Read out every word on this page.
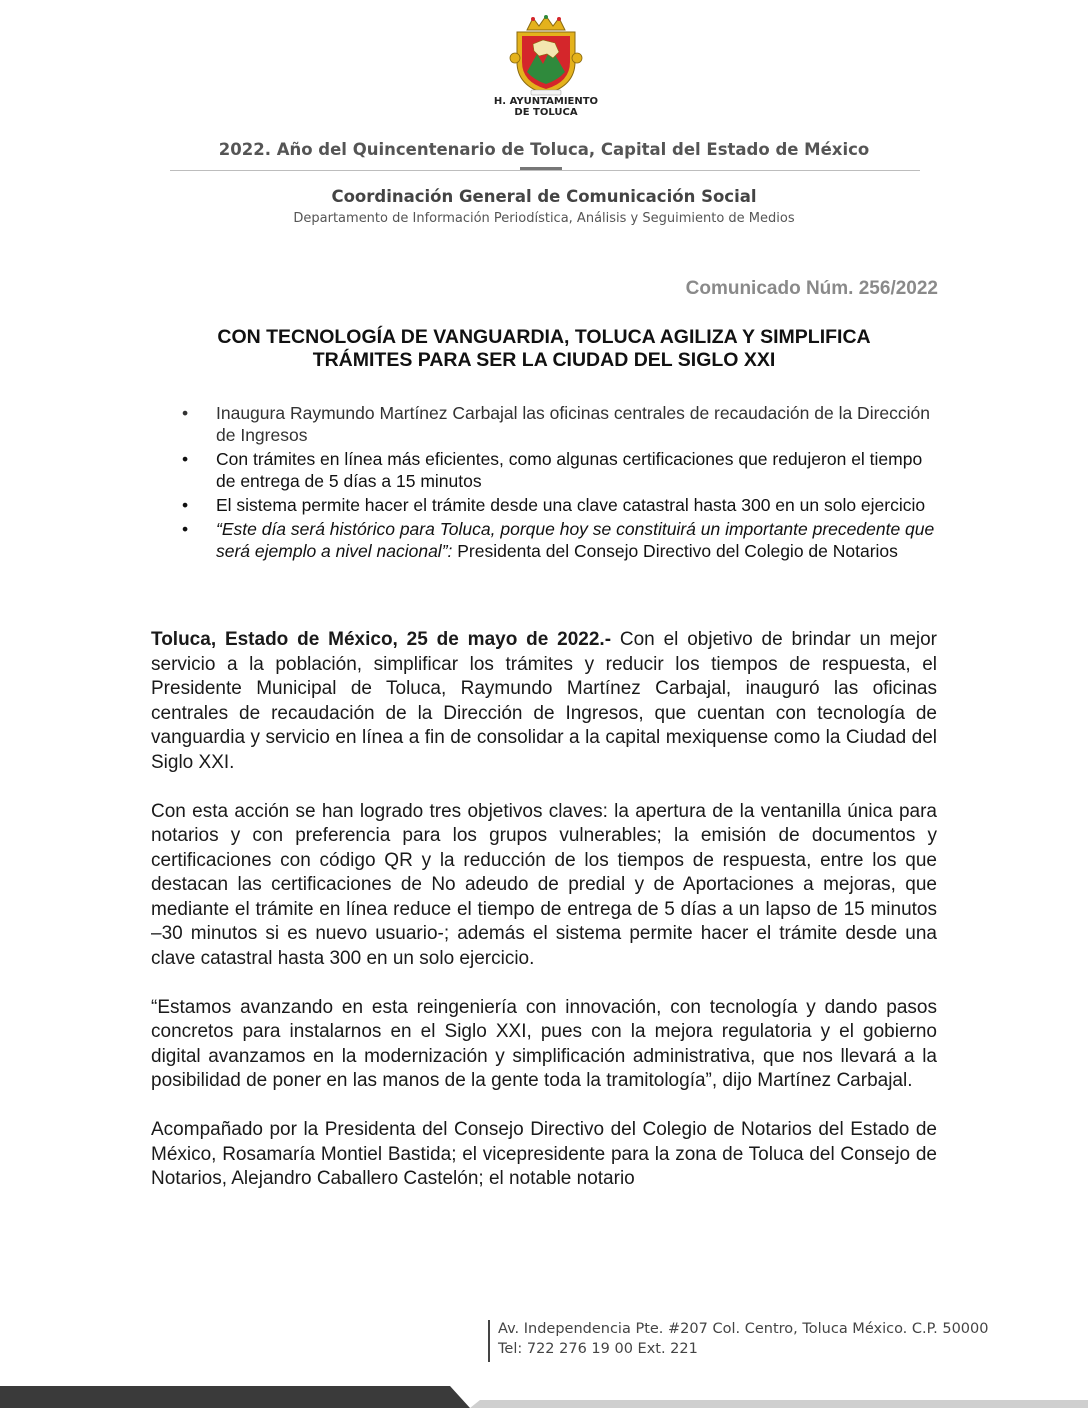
H. AYUNTAMIENTO
DE TOLUCA
2022. Año del Quincentenario de Toluca, Capital del Estado de México
Coordinación General de Comunicación Social
Departamento de Información Periodística, Análisis y Seguimiento de Medios
Comunicado Núm. 256/2022
CON TECNOLOGÍA DE VANGUARDIA, TOLUCA AGILIZA Y SIMPLIFICA
TRÁMITES PARA SER LA CIUDAD DEL SIGLO XXI
• Inaugura Raymundo Martínez Carbajal las oficinas centrales de recaudación de la Dirección de Ingresos
• Con trámites en línea más eficientes, como algunas certificaciones que redujeron el tiempo de entrega de 5 días a 15 minutos
• El sistema permite hacer el trámite desde una clave catastral hasta 300 en un solo ejercicio
• “Este día será histórico para Toluca, porque hoy se constituirá un importante precedente que será ejemplo a nivel nacional”: Presidenta del Consejo Directivo del Colegio de Notarios

Toluca, Estado de México, 25 de mayo de 2022.- Con el objetivo de brindar un mejor servicio a la población, simplificar los trámites y reducir los tiempos de respuesta, el Presidente Municipal de Toluca, Raymundo Martínez Carbajal, inauguró las oficinas centrales de recaudación de la Dirección de Ingresos, que cuentan con tecnología de vanguardia y servicio en línea a fin de consolidar a la capital mexiquense como la Ciudad del Siglo XXI.

Con esta acción se han logrado tres objetivos claves: la apertura de la ventanilla única para notarios y con preferencia para los grupos vulnerables; la emisión de documentos y certificaciones con código QR y la reducción de los tiempos de respuesta, entre los que destacan las certificaciones de No adeudo de predial y de Aportaciones a mejoras, que mediante el trámite en línea reduce el tiempo de entrega de 5 días a un lapso de 15 minutos –30 minutos si es nuevo usuario-; además el sistema permite hacer el trámite desde una clave catastral hasta 300 en un solo ejercicio.

“Estamos avanzando en esta reingeniería con innovación, con tecnología y dando pasos concretos para instalarnos en el Siglo XXI, pues con la mejora regulatoria y el gobierno digital avanzamos en la modernización y simplificación administrativa, que nos llevará a la posibilidad de poner en las manos de la gente toda la tramitología”, dijo Martínez Carbajal.

Acompañado por la Presidenta del Consejo Directivo del Colegio de Notarios del Estado de México, Rosamaría Montiel Bastida; el vicepresidente para la zona de Toluca del Consejo de Notarios, Alejandro Caballero Castelón; el notable notario

Av. Independencia Pte. #207 Col. Centro, Toluca México. C.P. 50000
Tel: 722 276 19 00 Ext. 221
